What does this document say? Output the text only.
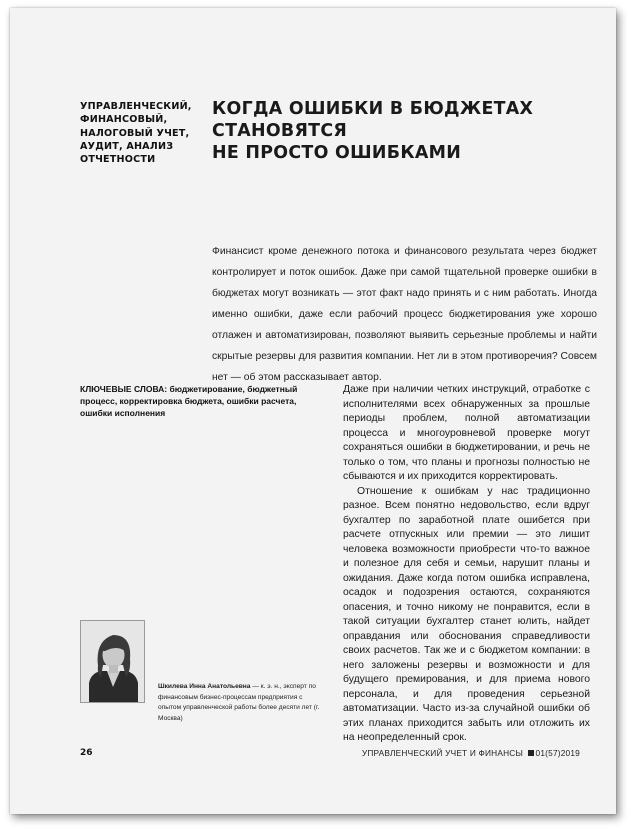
УПРАВЛЕНЧЕСКИЙ,
ФИНАНСОВЫЙ,
НАЛОГОВЫЙ УЧЕТ,
АУДИТ, АНАЛИЗ
ОТЧЕТНОСТИ
КОГДА ОШИБКИ В БЮДЖЕТАХ СТАНОВЯТСЯ
НЕ ПРОСТО ОШИБКАМИ

Финансист кроме денежного потока и финансового результата через бюджет контролирует и поток ошибок. Даже при самой тщательной проверке ошибки в бюджетах могут возникать — этот факт надо принять и с ним работать. Иногда именно ошибки, даже если рабочий процесс бюджетирования уже хорошо отлажен и автоматизирован, позволяют выявить серьезные проблемы и найти скрытые резервы для развития компании. Нет ли в этом противоречия? Совсем нет — об этом рассказывает автор.

КЛЮЧЕВЫЕ СЛОВА: бюджетирование, бюджетный процесс, корректировка бюджета, ошибки расчета, ошибки исполнения

Даже при наличии четких инструкций, отработке с исполнителями всех обнаруженных за прошлые периоды проблем, полной автоматизации процесса и многоуровневой проверке могут сохраняться ошибки в бюджетировании, и речь не только о том, что планы и прогнозы полностью не сбываются и их приходится корректировать.

Отношение к ошибкам у нас традиционно разное. Всем понятно недовольство, если вдруг бухгалтер по заработной плате ошибется при расчете отпускных или премии — это лишит человека возможности приобрести что-то важное и полезное для себя и семьи, нарушит планы и ожидания. Даже когда потом ошибка исправлена, осадок и подозрения остаются, сохраняются опасения, и точно никому не понравится, если в такой ситуации бухгалтер станет юлить, найдет оправдания или обоснования справедливости своих расчетов. Так же и с бюджетом компании: в него заложены резервы и возможности и для будущего премирования, и для приема нового персонала, и для проведения серьезной автоматизации. Часто из-за случайной ошибки об этих планах приходится забыть или отложить их на неопределенный срок.

Шкилева Инна Анатольевна — к. э. н., эксперт по финансовым бизнес-процессам предприятия с опытом управленческой работы более десяти лет (г. Москва)

26	УПРАВЛЕНЧЕСКИЙ УЧЕТ И ФИНАНСЫ 01(57)2019
